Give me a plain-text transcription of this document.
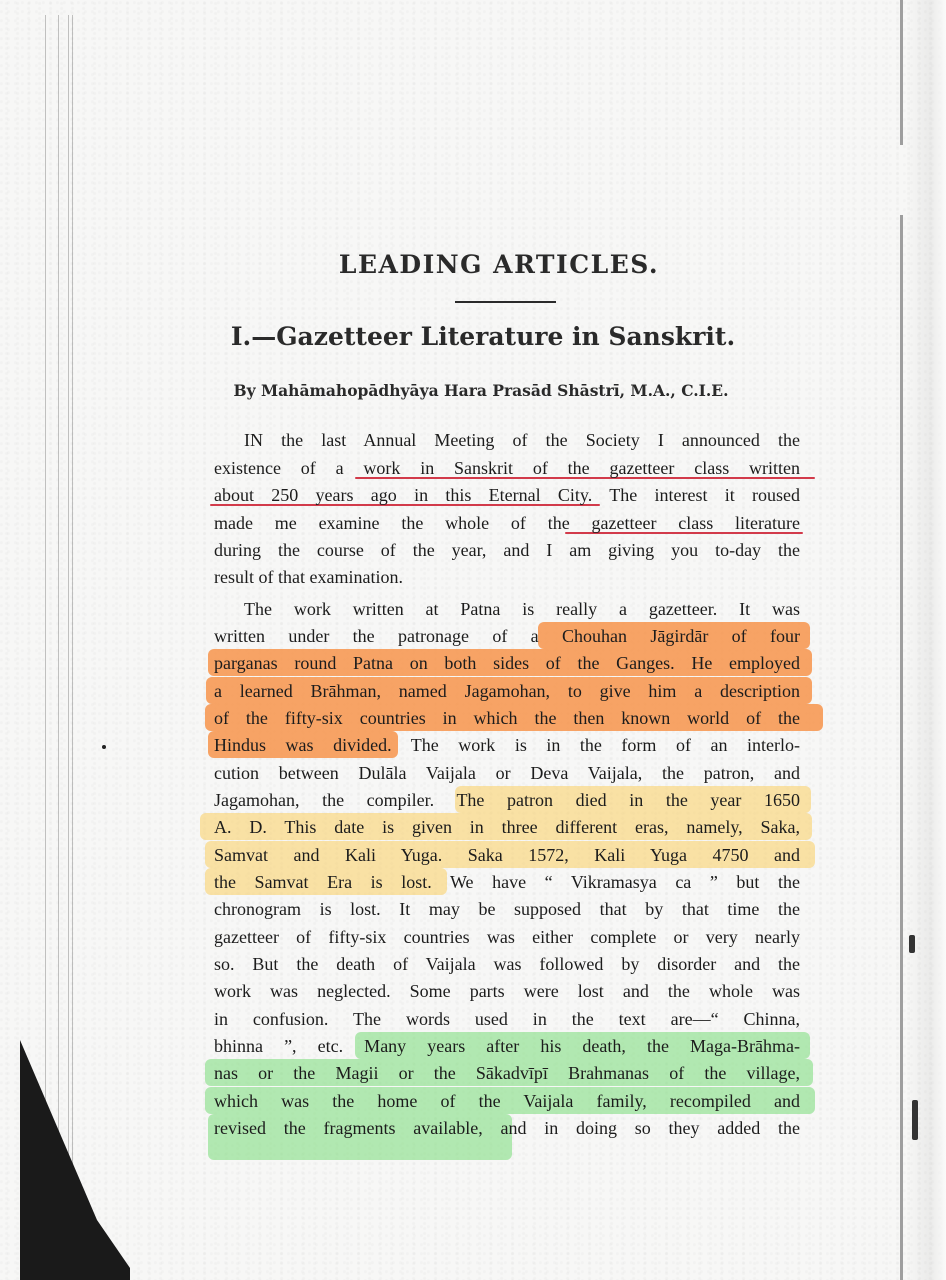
LEADING ARTICLES.
I.—Gazetteer Literature in Sanskrit.
By Mahāmahopādhyāya Hara Prasād Shāstrī, M.A., C.I.E.
IN the last Annual Meeting of the Society I announced the
existence of a work in Sanskrit of the gazetteer class written
about 250 years ago in this Eternal City. The interest it roused
made me examine the whole of the gazetteer class literature
during the course of the year, and I am giving you to-day the
result of that examination.
The work written at Patna is really a gazetteer. It was
written under the patronage of a Chouhan Jāgirdār of four
parganas round Patna on both sides of the Ganges. He employed
a learned Brāhman, named Jagamohan, to give him a description
of the fifty-six countries in which the then known world of the
Hindus was divided. The work is in the form of an interlo-
cution between Dulāla Vaijala or Deva Vaijala, the patron, and
Jagamohan, the compiler. The patron died in the year 1650
A. D. This date is given in three different eras, namely, Saka,
Samvat and Kali Yuga. Saka 1572, Kali Yuga 4750 and
the Samvat Era is lost. We have “ Vikramasya ca ” but the
chronogram is lost. It may be supposed that by that time the
gazetteer of fifty-six countries was either complete or very nearly
so. But the death of Vaijala was followed by disorder and the
work was neglected. Some parts were lost and the whole was
in confusion. The words used in the text are—“ Chinna,
bhinna ”, etc. Many years after his death, the Maga-Brāhma-
nas or the Magii or the Sākadvīpī Brahmanas of the village,
which was the home of the Vaijala family, recompiled and
revised the fragments available, and in doing so they added the
